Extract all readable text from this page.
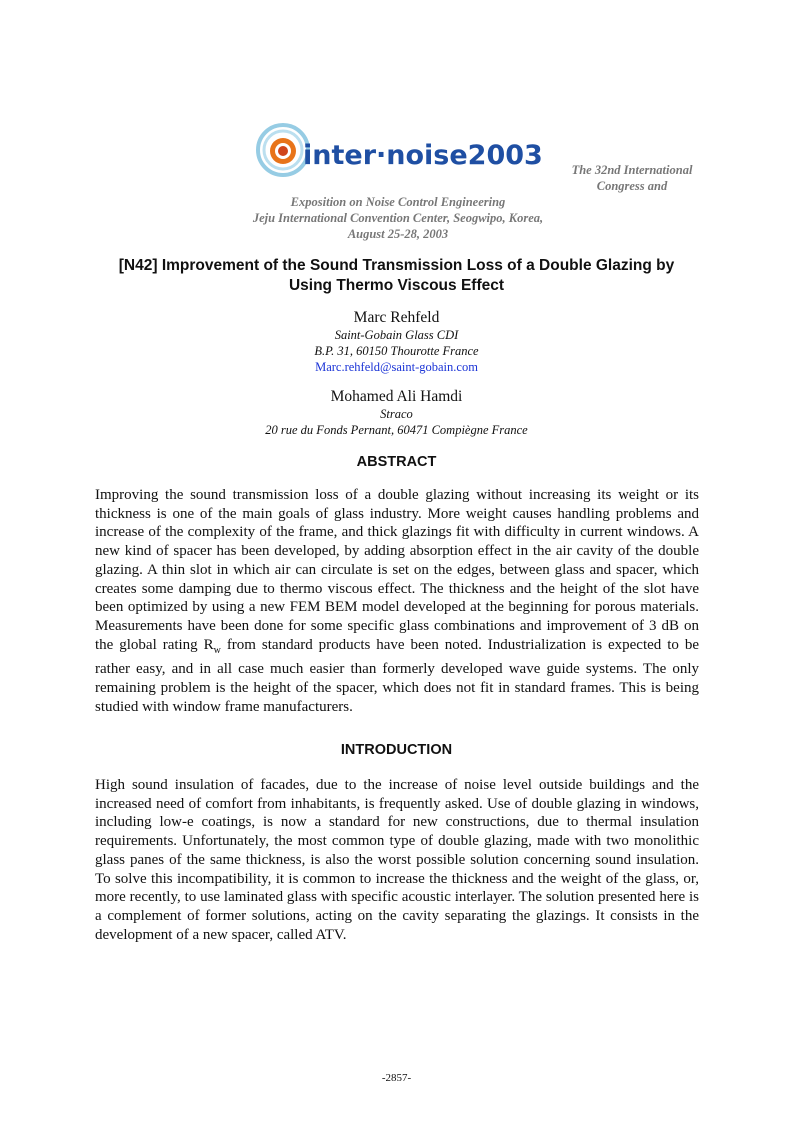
inter·noise2003	The 32nd International
Congress and
Exposition on Noise Control Engineering
Jeju International Convention Center, Seogwipo, Korea,
August 25-28, 2003
[N42] Improvement of the Sound Transmission Loss of a Double Glazing by
Using Thermo Viscous Effect
Marc Rehfeld
Saint-Gobain Glass CDI
B.P. 31, 60150 Thourotte France
Marc.rehfeld@saint-gobain.com
Mohamed Ali Hamdi
Straco
20 rue du Fonds Pernant, 60471 Compiègne France
ABSTRACT
Improving the sound transmission loss of a double glazing without increasing its weight or its thickness is one of the main goals of glass industry. More weight causes handling problems and increase of the complexity of the frame, and thick glazings fit with difficulty in current windows. A new kind of spacer has been developed, by adding absorption effect in the air cavity of the double glazing. A thin slot in which air can circulate is set on the edges, between glass and spacer, which creates some damping due to thermo viscous effect. The thickness and the height of the slot have been optimized by using a new FEM BEM model developed at the beginning for porous materials. Measurements have been done for some specific glass combinations and improvement of 3 dB on the global rating $R_w$ from standard products have been noted. Industrialization is expected to be rather easy, and in all case much easier than formerly developed wave guide systems. The only remaining problem is the height of the spacer, which does not fit in standard frames. This is being studied with window frame manufacturers.
INTRODUCTION
High sound insulation of facades, due to the increase of noise level outside buildings and the increased need of comfort from inhabitants, is frequently asked. Use of double glazing in windows, including low-e coatings, is now a standard for new constructions, due to thermal insulation requirements. Unfortunately, the most common type of double glazing, made with two monolithic glass panes of the same thickness, is also the worst possible solution concerning sound insulation. To solve this incompatibility, it is common to increase the thickness and the weight of the glass, or, more recently, to use laminated glass with specific acoustic interlayer. The solution presented here is a complement of former solutions, acting on the cavity separating the glazings. It consists in the development of a new spacer, called ATV.
-2857-
